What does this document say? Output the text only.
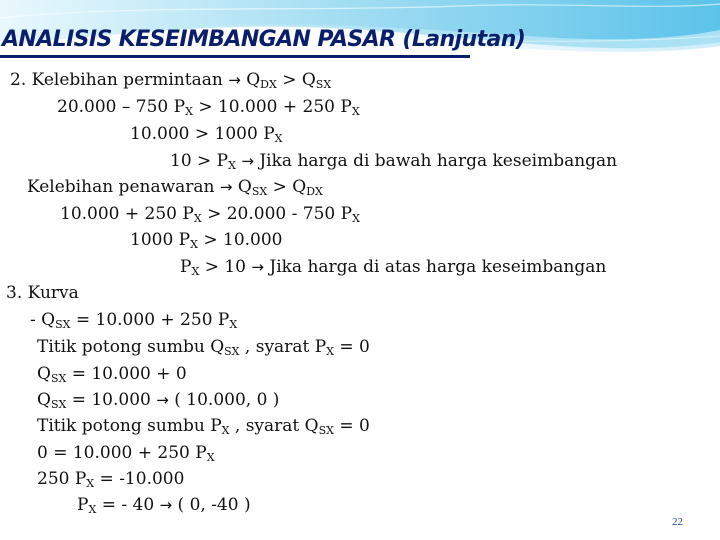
ANALISIS KESEIMBANGAN PASAR (Lanjutan)
2. Kelebihan permintaan → $Q_{DX} > Q_{SX}$
20.000 – 750 $P_X > 10.000 + 250$ $P_X$
10.000 > 1000 $P_X$
$10 > P_X$ → Jika harga di bawah harga keseimbangan
Kelebihan penawaran → $Q_{SX} > Q_{DX}$
10.000 + 250 $P_X > 20.000 - 750$ $P_X$
1000 $P_X > 10.000$
$P_X > 10$ → Jika harga di atas harga keseimbangan
3. Kurva
- $Q_{SX} = 10.000 + 250$ $P_X$
Titik potong sumbu $Q_{SX}$ , syarat $P_X = 0$
$Q_{SX} = 10.000 + 0$
$Q_{SX} = 10.000$ → ( 10.000, 0 )
Titik potong sumbu $P_X$ , syarat $Q_{SX} = 0$
0 = 10.000 + 250 $P_X$
250 $P_X = -10.000$
$P_X$ = - 40 → ( 0, -40 )
22
